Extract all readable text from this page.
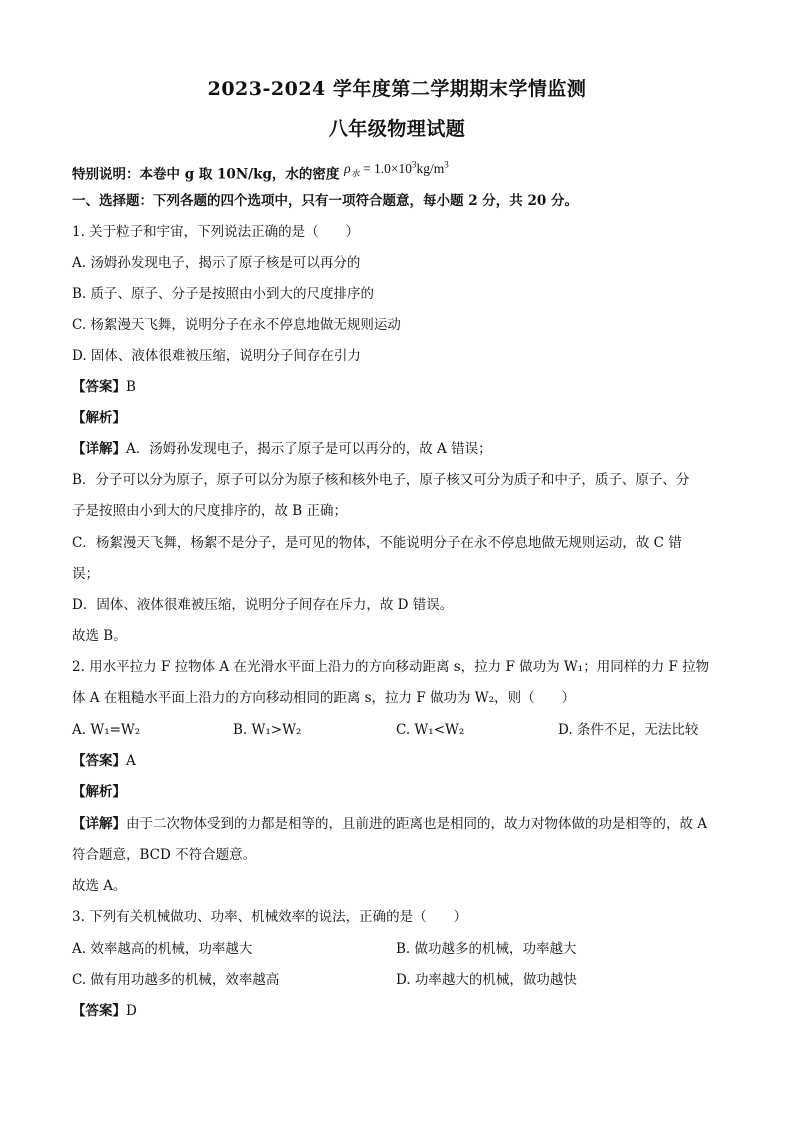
2023-2024 学年度第二学期期末学情监测
八年级物理试题
特别说明：本卷中 g 取 10N/kg，水的密度 $\rho_水 = 1.0\times 10^3kg/m^3$
一、选择题：下列各题的四个选项中，只有一项符合题意，每小题 2 分，共 20 分。
1. 关于粒子和宇宙，下列说法正确的是（　　）
A. 汤姆孙发现电子，揭示了原子核是可以再分的
B. 质子、原子、分子是按照由小到大的尺度排序的
C. 杨絮漫天飞舞，说明分子在永不停息地做无规则运动
D. 固体、液体很难被压缩，说明分子间存在引力
【答案】B
【解析】
【详解】A．汤姆孙发现电子，揭示了原子是可以再分的，故 A 错误；
B．分子可以分为原子，原子可以分为原子核和核外电子，原子核又可分为质子和中子，质子、原子、分
子是按照由小到大的尺度排序的，故 B 正确；
C．杨絮漫天飞舞，杨絮不是分子，是可见的物体，不能说明分子在永不停息地做无规则运动，故 C 错
误；
D．固体、液体很难被压缩，说明分子间存在斥力，故 D 错误。
故选 B。
2. 用水平拉力 F 拉物体 A 在光滑水平面上沿力的方向移动距离 s，拉力 F 做功为 W₁；用同样的力 F 拉物
体 A 在粗糙水平面上沿力的方向移动相同的距离 s，拉力 F 做功为 W₂，则（　　）
A. W₁=W₂	B. W₁>W₂	C. W₁<W₂	D. 条件不足，无法比较
【答案】A
【解析】
【详解】由于二次物体受到的力都是相等的，且前进的距离也是相同的，故力对物体做的功是相等的，故 A
符合题意，BCD 不符合题意。
故选 A。
3. 下列有关机械做功、功率、机械效率的说法，正确的是（　　）
A. 效率越高的机械，功率越大	B. 做功越多的机械，功率越大
C. 做有用功越多的机械，效率越高	D. 功率越大的机械，做功越快
【答案】D
